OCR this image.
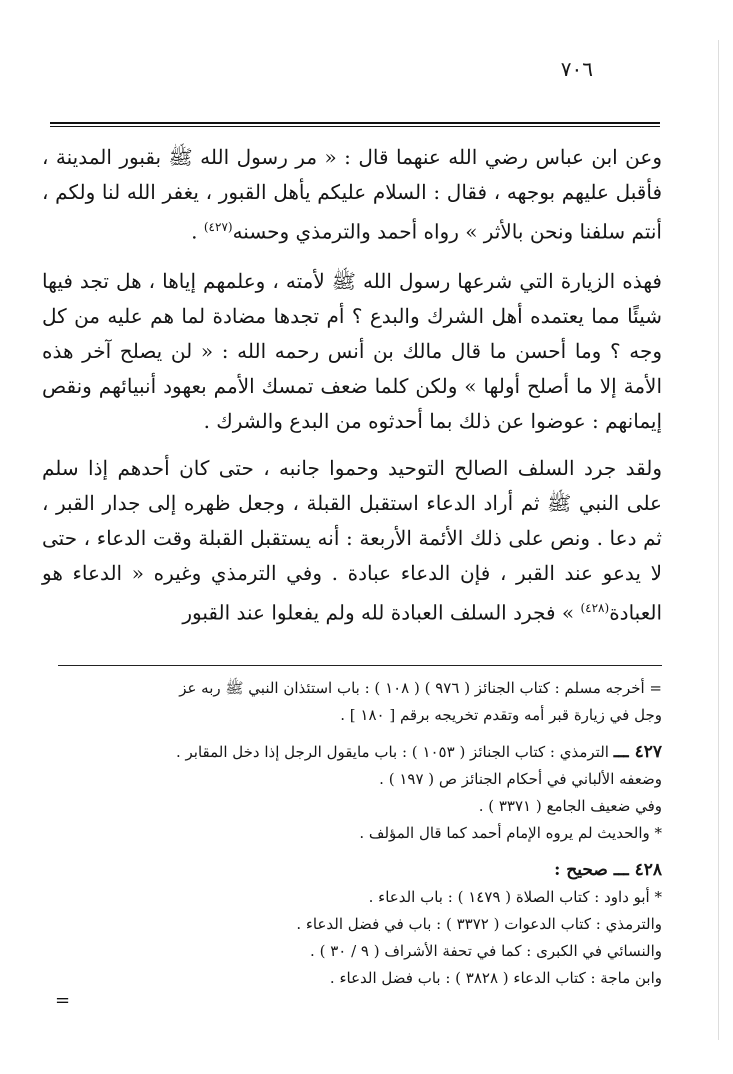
٧٠٦

وعن ابن عباس رضي الله عنهما قال : « مر رسول الله ﷺ بقبور المدينة ، فأقبل عليهم بوجهه ، فقال : السلام عليكم يأهل القبور ، يغفر الله لنا ولكم ، أنتم سلفنا ونحن بالأثر » رواه أحمد والترمذي وحسنه$^{(٤٢٧)}$ .

فهذه الزيارة التي شرعها رسول الله ﷺ لأمته ، وعلمهم إياها ، هل تجد فيها شيئًا مما يعتمده أهل الشرك والبدع ؟ أم تجدها مضادة لما هم عليه من كل وجه ؟ وما أحسن ما قال مالك بن أنس رحمه الله : « لن يصلح آخر هذه الأمة إلا ما أصلح أولها » ولكن كلما ضعف تمسك الأمم بعهود أنبيائهم ونقص إيمانهم : عوضوا عن ذلك بما أحدثوه من البدع والشرك .

ولقد جرد السلف الصالح التوحيد وحموا جانبه ، حتى كان أحدهم إذا سلم على النبي ﷺ ثم أراد الدعاء استقبل القبلة ، وجعل ظهره إلى جدار القبر ، ثم دعا . ونص على ذلك الأئمة الأربعة : أنه يستقبل القبلة وقت الدعاء ، حتى لا يدعو عند القبر ، فإن الدعاء عبادة . وفي الترمذي وغيره « الدعاء هو العبادة$^{(٤٢٨)}$ » فجرد السلف العبادة لله ولم يفعلوا عند القبور

= أخرجه مسلم : كتاب الجنائز ( ٩٧٦ ) ( ١٠٨ ) : باب استئذان النبي ﷺ ربه عز
وجل في زيارة قبر أمه وتقدم تخريجه برقم [ ١٨٠ ] .
٤٢٧ ـــ الترمذي : كتاب الجنائز ( ١٠٥٣ ) : باب مايقول الرجل إذا دخل المقابر .
وضعفه الألباني في أحكام الجنائز ص ( ١٩٧ ) .
وفي ضعيف الجامع ( ٣٣٧١ ) .
* والحديث لم يروه الإمام أحمد كما قال المؤلف .
٤٢٨ ـــ صحيح :
* أبو داود : كتاب الصلاة ( ١٤٧٩ ) : باب الدعاء .
والترمذي : كتاب الدعوات ( ٣٣٧٢ ) : باب في فضل الدعاء .
والنسائي في الكبرى : كما في تحفة الأشراف ( ٩ / ٣٠ ) .
وابن ماجة : كتاب الدعاء ( ٣٨٢٨ ) : باب فضل الدعاء .
=
